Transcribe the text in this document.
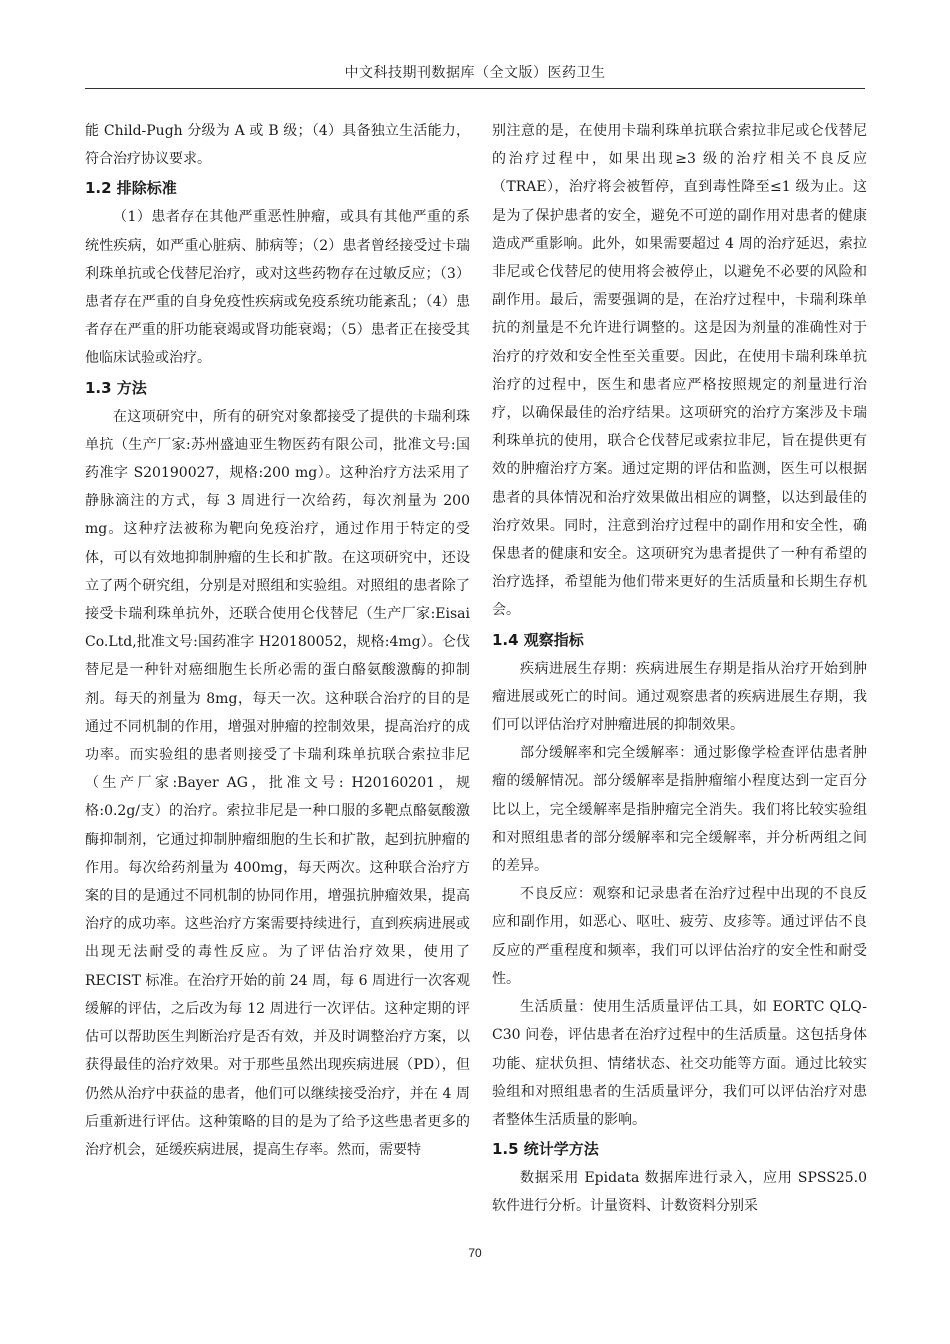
中文科技期刊数据库（全文版）医药卫生

能 Child-Pugh 分级为 A 或 B 级；（4）具备独立生活能力，符合治疗协议要求。

1.2 排除标准

（1）患者存在其他严重恶性肿瘤，或具有其他严重的系统性疾病，如严重心脏病、肺病等；（2）患者曾经接受过卡瑞利珠单抗或仑伐替尼治疗，或对这些药物存在过敏反应；（3）患者存在严重的自身免疫性疾病或免疫系统功能紊乱；（4）患者存在严重的肝功能衰竭或肾功能衰竭；（5）患者正在接受其他临床试验或治疗。

1.3 方法

在这项研究中，所有的研究对象都接受了提供的卡瑞利珠单抗（生产厂家:苏州盛迪亚生物医药有限公司，批准文号:国药准字 S20190027，规格:200 mg）。这种治疗方法采用了静脉滴注的方式，每 3 周进行一次给药，每次剂量为 200 mg。这种疗法被称为靶向免疫治疗，通过作用于特定的受体，可以有效地抑制肿瘤的生长和扩散。在这项研究中，还设立了两个研究组，分别是对照组和实验组。对照组的患者除了接受卡瑞利珠单抗外，还联合使用仑伐替尼（生产厂家:Eisai Co.Ltd,批准文号:国药准字 H20180052，规格:4mg）。仑伐替尼是一种针对癌细胞生长所必需的蛋白酪氨酸激酶的抑制剂。每天的剂量为 8mg，每天一次。这种联合治疗的目的是通过不同机制的作用，增强对肿瘤的控制效果，提高治疗的成功率。而实验组的患者则接受了卡瑞利珠单抗联合索拉非尼（生产厂家:Bayer AG，批准文号: H20160201，规格:0.2g/支）的治疗。索拉非尼是一种口服的多靶点酪氨酸激酶抑制剂，它通过抑制肿瘤细胞的生长和扩散，起到抗肿瘤的作用。每次给药剂量为 400mg，每天两次。这种联合治疗方案的目的是通过不同机制的协同作用，增强抗肿瘤效果，提高治疗的成功率。这些治疗方案需要持续进行，直到疾病进展或出现无法耐受的毒性反应。为了评估治疗效果，使用了 RECIST 标准。在治疗开始的前 24 周，每 6 周进行一次客观缓解的评估，之后改为每 12 周进行一次评估。这种定期的评估可以帮助医生判断治疗是否有效，并及时调整治疗方案，以获得最佳的治疗效果。对于那些虽然出现疾病进展（PD），但仍然从治疗中获益的患者，他们可以继续接受治疗，并在 4 周后重新进行评估。这种策略的目的是为了给予这些患者更多的治疗机会，延缓疾病进展，提高生存率。然而，需要特

别注意的是，在使用卡瑞利珠单抗联合索拉非尼或仑伐替尼的治疗过程中，如果出现≥3 级的治疗相关不良反应（TRAE），治疗将会被暂停，直到毒性降至≤1 级为止。这是为了保护患者的安全，避免不可逆的副作用对患者的健康造成严重影响。此外，如果需要超过 4 周的治疗延迟，索拉非尼或仑伐替尼的使用将会被停止，以避免不必要的风险和副作用。最后，需要强调的是，在治疗过程中，卡瑞利珠单抗的剂量是不允许进行调整的。这是因为剂量的准确性对于治疗的疗效和安全性至关重要。因此，在使用卡瑞利珠单抗治疗的过程中，医生和患者应严格按照规定的剂量进行治疗，以确保最佳的治疗结果。这项研究的治疗方案涉及卡瑞利珠单抗的使用，联合仑伐替尼或索拉非尼，旨在提供更有效的肿瘤治疗方案。通过定期的评估和监测，医生可以根据患者的具体情况和治疗效果做出相应的调整，以达到最佳的治疗效果。同时，注意到治疗过程中的副作用和安全性，确保患者的健康和安全。这项研究为患者提供了一种有希望的治疗选择，希望能为他们带来更好的生活质量和长期生存机会。

1.4 观察指标

疾病进展生存期：疾病进展生存期是指从治疗开始到肿瘤进展或死亡的时间。通过观察患者的疾病进展生存期，我们可以评估治疗对肿瘤进展的抑制效果。

部分缓解率和完全缓解率：通过影像学检查评估患者肿瘤的缓解情况。部分缓解率是指肿瘤缩小程度达到一定百分比以上，完全缓解率是指肿瘤完全消失。我们将比较实验组和对照组患者的部分缓解率和完全缓解率，并分析两组之间的差异。

不良反应：观察和记录患者在治疗过程中出现的不良反应和副作用，如恶心、呕吐、疲劳、皮疹等。通过评估不良反应的严重程度和频率，我们可以评估治疗的安全性和耐受性。

生活质量：使用生活质量评估工具，如 EORTC QLQ-C30 问卷，评估患者在治疗过程中的生活质量。这包括身体功能、症状负担、情绪状态、社交功能等方面。通过比较实验组和对照组患者的生活质量评分，我们可以评估治疗对患者整体生活质量的影响。

1.5 统计学方法

数据采用 Epidata 数据库进行录入，应用 SPSS25.0 软件进行分析。计量资料、计数资料分别采

70
